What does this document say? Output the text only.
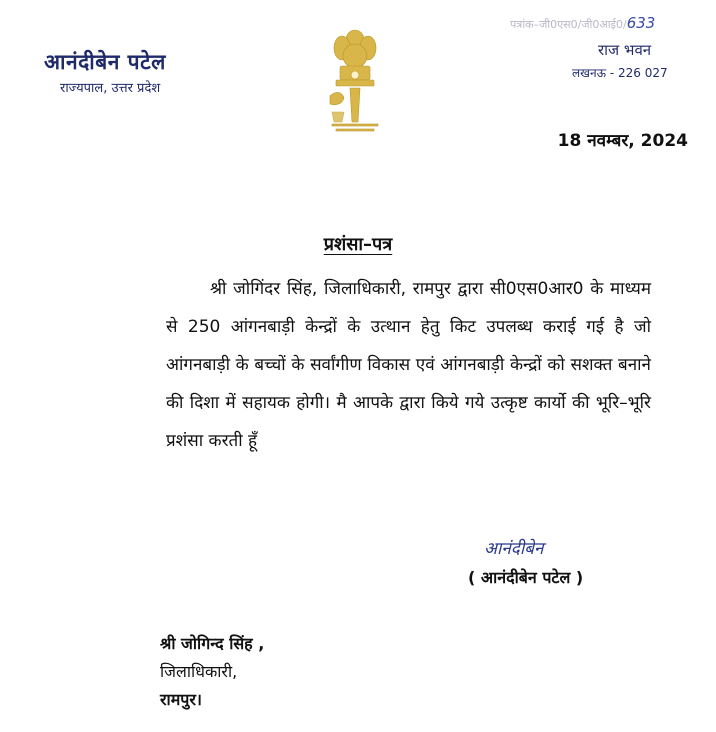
आनंदीबेन पटेल
राज्यपाल, उत्तर प्रदेश
पत्रांक–जी0एस0/जी0आई0/633
राज भवन
लखनऊ - 226 027
18 नवम्बर, 2024
प्रशंसा–पत्र

श्री जोगिंदर सिंह, जिलाधिकारी, रामपुर द्वारा सी0एस0आर0 के माध्यम से 250 आंगनबाड़ी केन्द्रों के उत्थान हेतु किट उपलब्ध कराई गई है जो आंगनबाड़ी के बच्चों के सर्वांगीण विकास एवं आंगनबाड़ी केन्द्रों को सशक्त बनाने की दिशा में सहायक होगी। मै आपके द्वारा किये गये उत्कृष्ट कार्यो की भूरि–भूरि प्रशंसा करती हूँ

आनंदीबेन
( आनंदीबेन पटेल )
श्री जोगिन्द सिंह ,
जिलाधिकारी,
रामपुर।
